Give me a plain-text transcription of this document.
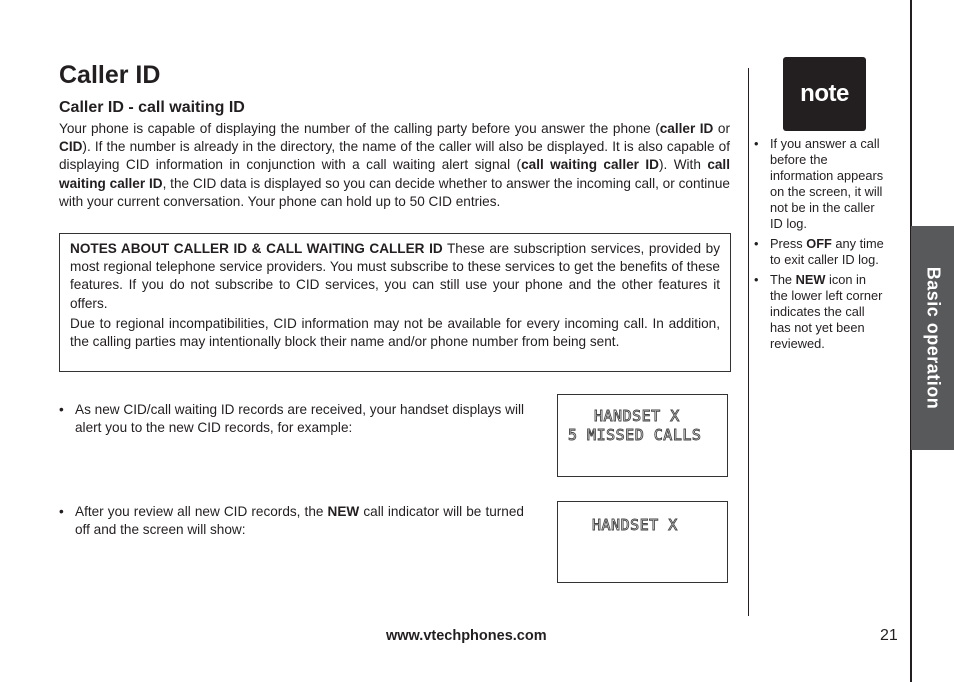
Caller ID
Caller ID - call waiting ID

Your phone is capable of displaying the number of the calling party before you answer the phone (caller ID or CID). If the number is already in the directory, the name of the caller will also be displayed. It is also capable of displaying CID information in conjunction with a call waiting alert signal (call waiting caller ID). With call waiting caller ID, the CID data is displayed so you can decide whether to answer the incoming call, or continue with your current conversation. Your phone can hold up to 50 CID entries.

NOTES ABOUT CALLER ID & CALL WAITING CALLER ID These are subscription services, provided by most regional telephone service providers. You must subscribe to these services to get the benefits of these features. If you do not subscribe to CID services, you can still use your phone and the other features it offers.

Due to regional incompatibilities, CID information may not be available for every incoming call. In addition, the calling parties may intentionally block their name and/or phone number from being sent.

• As new CID/call waiting ID records are received, your handset displays will alert you to the new CID records, for example:
• After you review all new CID records, the NEW call indicator will be turned off and the screen will show:
HANDSET X
5 MISSED CALLS
HANDSET X
note
• If you answer a call before the information appears on the screen, it will not be in the caller ID log.
• Press OFF any time to exit caller ID log.
• The NEW icon in the lower left corner indicates the call has not yet been reviewed.	Basic operation
www.vtechphones.com	21
